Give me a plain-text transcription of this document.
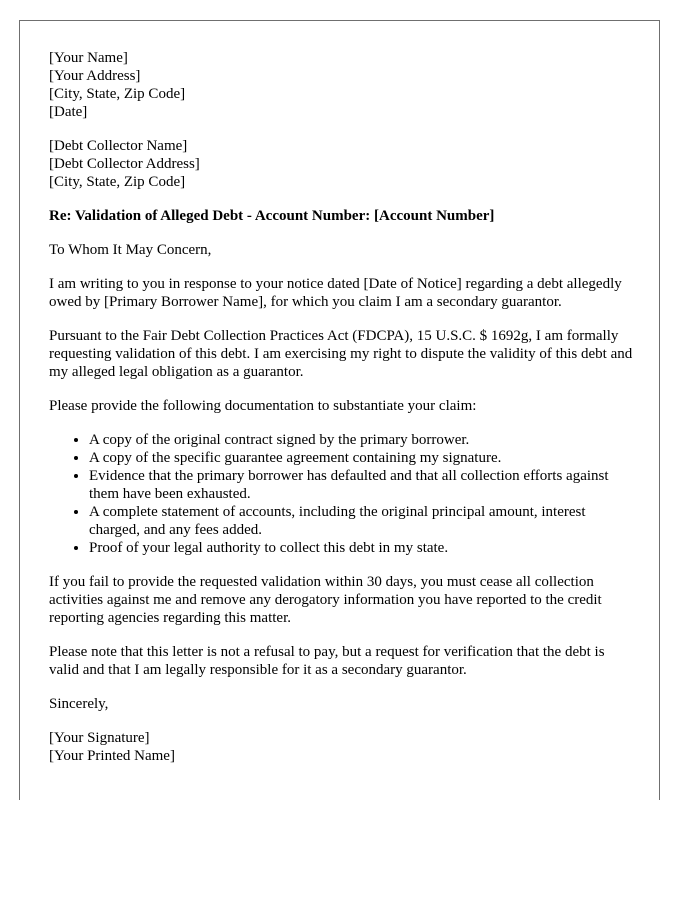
[Your Name]
[Your Address]
[City, State, Zip Code]
[Date]
[Debt Collector Name]
[Debt Collector Address]
[City, State, Zip Code]

Re: Validation of Alleged Debt - Account Number: [Account Number]

To Whom It May Concern,

I am writing to you in response to your notice dated [Date of Notice] regarding a debt allegedly owed by [Primary Borrower Name], for which you claim I am a secondary guarantor.

Pursuant to the Fair Debt Collection Practices Act (FDCPA), 15 U.S.C. $ 1692g, I am formally requesting validation of this debt. I am exercising my right to dispute the validity of this debt and my alleged legal obligation as a guarantor.

Please provide the following documentation to substantiate your claim:

• A copy of the original contract signed by the primary borrower.
• A copy of the specific guarantee agreement containing my signature.
• Evidence that the primary borrower has defaulted and that all collection efforts against them have been exhausted.
• A complete statement of accounts, including the original principal amount, interest charged, and any fees added.
• Proof of your legal authority to collect this debt in my state.

If you fail to provide the requested validation within 30 days, you must cease all collection activities against me and remove any derogatory information you have reported to the credit reporting agencies regarding this matter.

Please note that this letter is not a refusal to pay, but a request for verification that the debt is valid and that I am legally responsible for it as a secondary guarantor.

Sincerely,

[Your Signature]
[Your Printed Name]
